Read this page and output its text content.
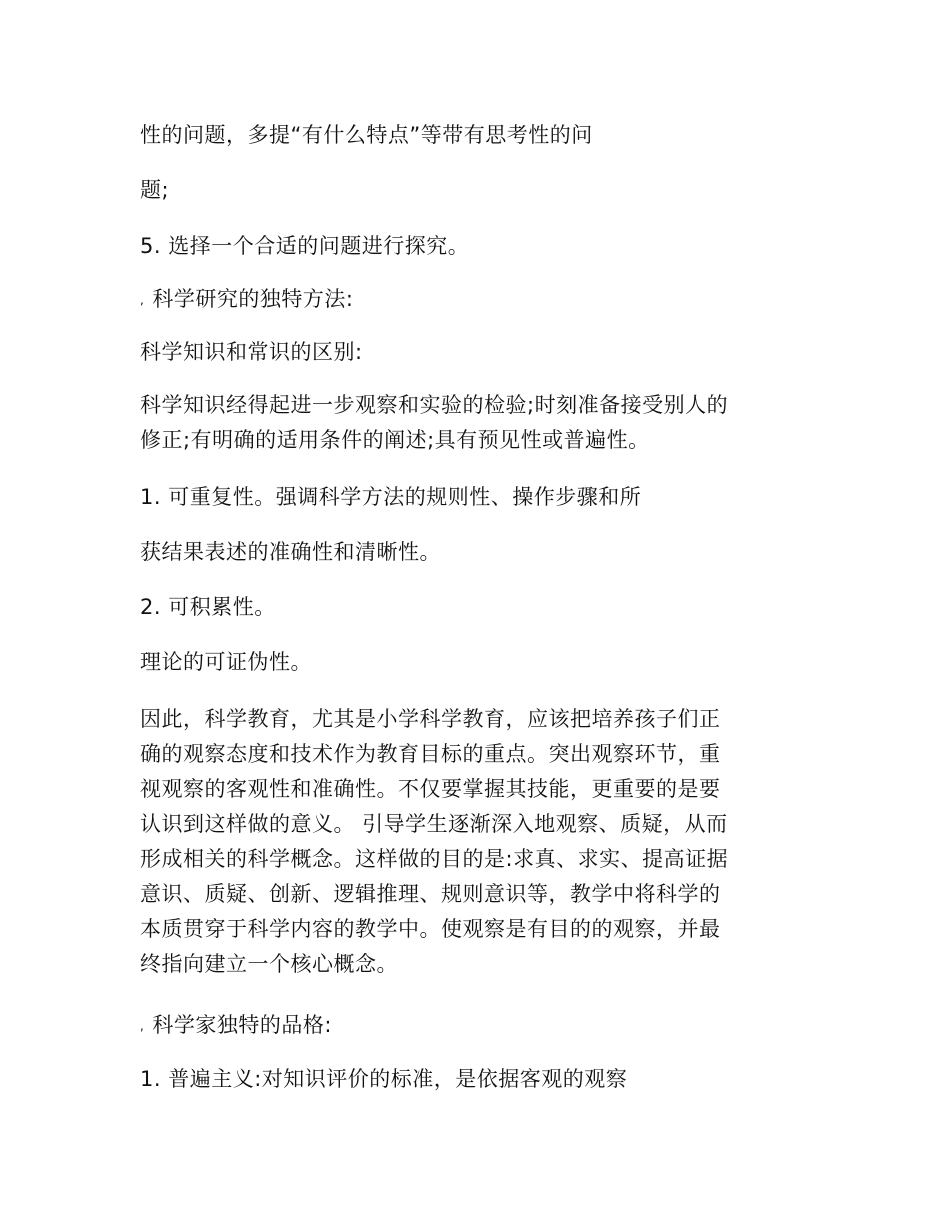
性的问题，多提“有什么特点”等带有思考性的问

题;

5. 选择一个合适的问题进行探究。

, 科学研究的独特方法:

科学知识和常识的区别:

科学知识经得起进一步观察和实验的检验;时刻准备接受别人的
修正;有明确的适用条件的阐述;具有预见性或普遍性。

1. 可重复性。强调科学方法的规则性、操作步骤和所

获结果表述的准确性和清晰性。

2. 可积累性。

理论的可证伪性。

因此，科学教育，尤其是小学科学教育，应该把培养孩子们正
确的观察态度和技术作为教育目标的重点。突出观察环节，重
视观察的客观性和准确性。不仅要掌握其技能，更重要的是要
认识到这样做的意义。 引导学生逐渐深入地观察、质疑，从而
形成相关的科学概念。这样做的目的是:求真、求实、提高证据
意识、质疑、创新、逻辑推理、规则意识等，教学中将科学的
本质贯穿于科学内容的教学中。使观察是有目的的观察，并最
终指向建立一个核心概念。

, 科学家独特的品格:

1. 普遍主义:对知识评价的标准，是依据客观的观察
